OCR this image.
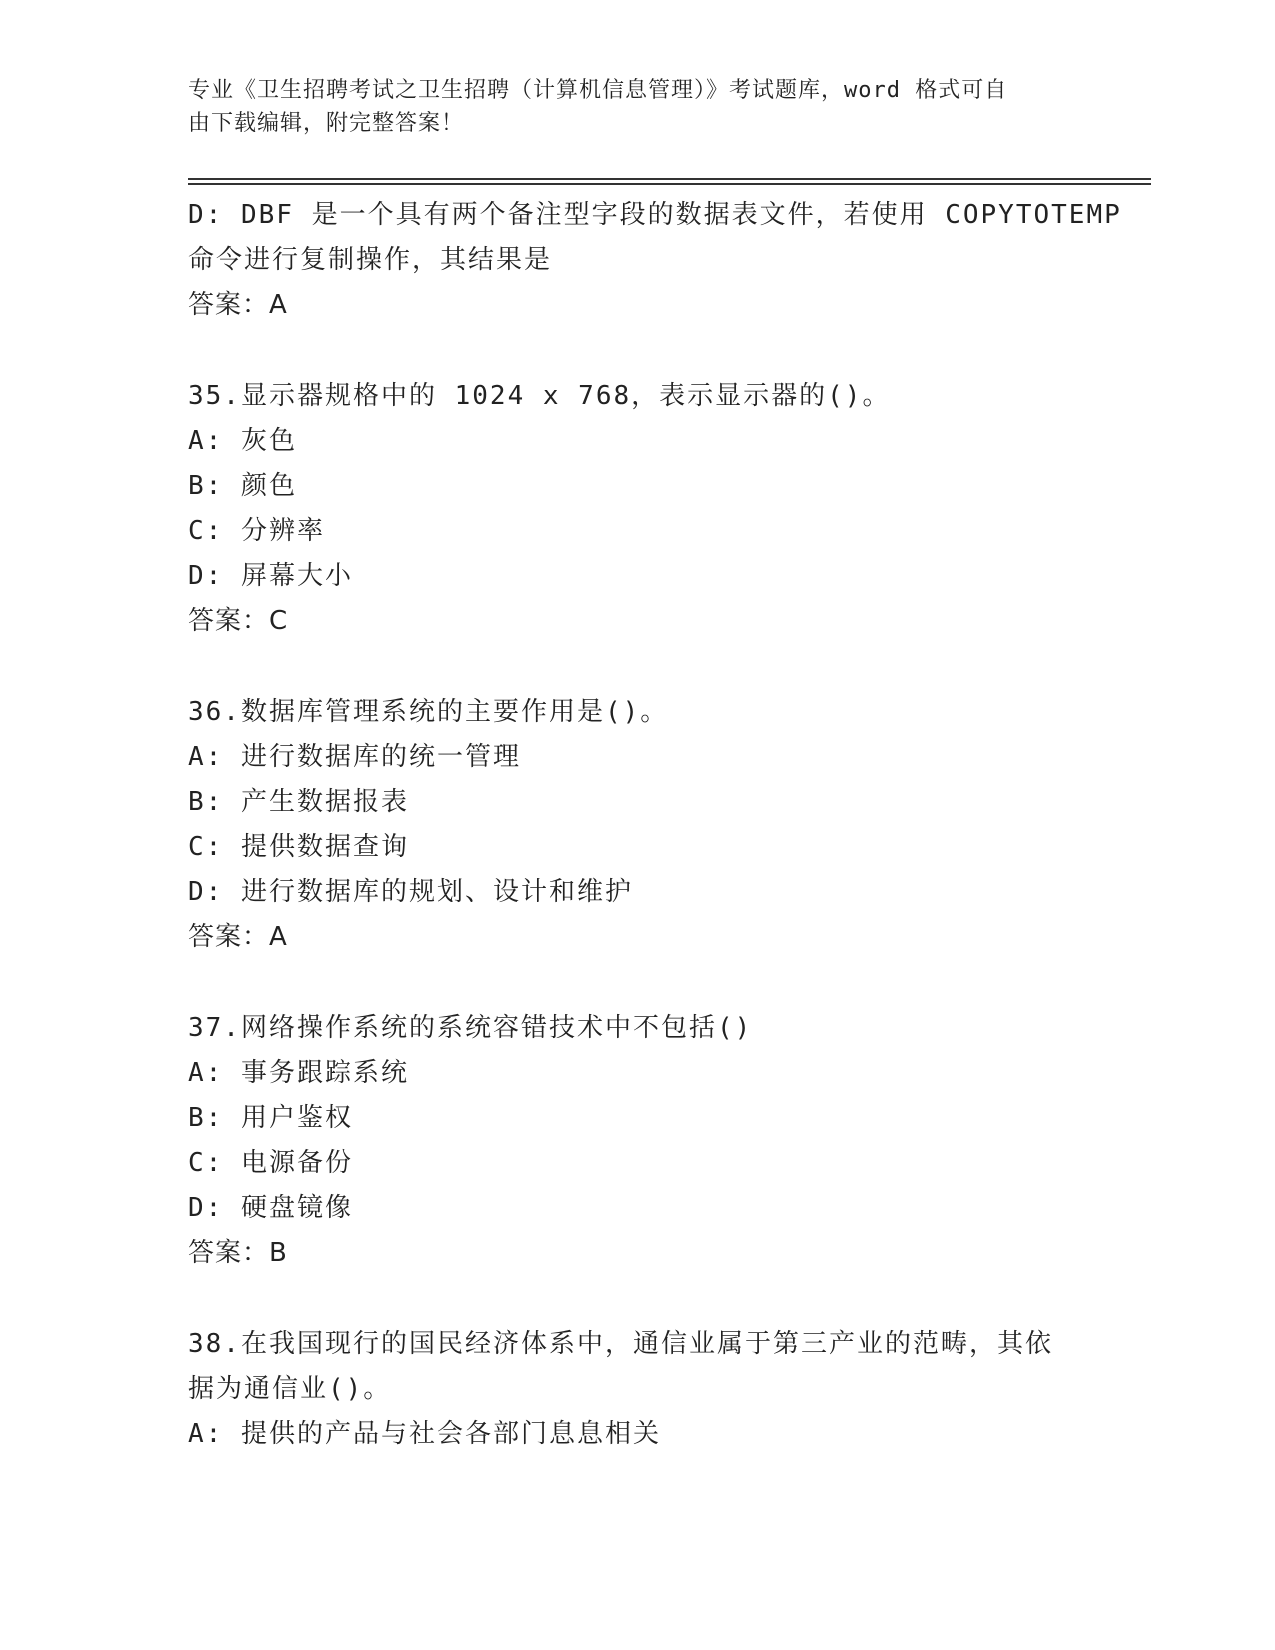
专业《卫生招聘考试之卫生招聘（计算机信息管理）》考试题库，word 格式可自
由下载编辑，附完整答案！
D: DBF 是一个具有两个备注型字段的数据表文件，若使用 COPYTOTEMP
命令进行复制操作，其结果是
答案：A
35.显示器规格中的 1024 x 768，表示显示器的()。
A: 灰色
B: 颜色
C: 分辨率
D: 屏幕大小
答案：C
36.数据库管理系统的主要作用是()。
A: 进行数据库的统一管理
B: 产生数据报表
C: 提供数据查询
D: 进行数据库的规划、设计和维护
答案：A
37.网络操作系统的系统容错技术中不包括()
A: 事务跟踪系统
B: 用户鉴权
C: 电源备份
D: 硬盘镜像
答案：B
38.在我国现行的国民经济体系中，通信业属于第三产业的范畴，其依
据为通信业()。
A: 提供的产品与社会各部门息息相关
